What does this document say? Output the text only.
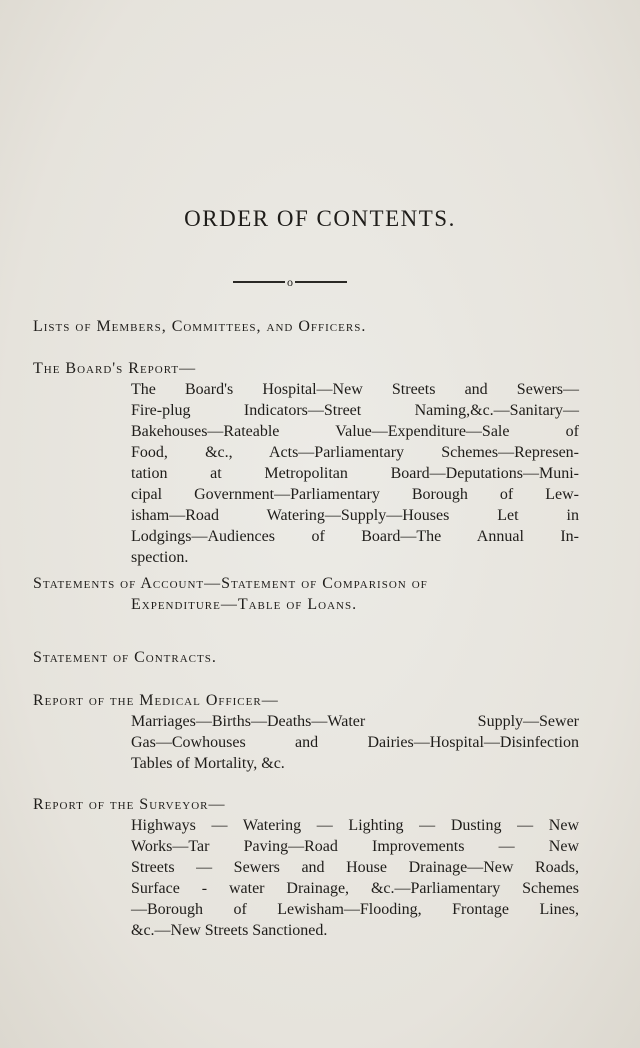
ORDER OF CONTENTS.
o
Lists of Members, Committees, and Officers.
The Board's Report—
The Board's Hospital—New Streets and Sewers—
Fire-plug Indicators—Street Naming,&c.—Sanitary—
Bakehouses—Rateable Value—Expenditure—Sale of
Food, &c., Acts—Parliamentary Schemes—Represen-
tation at Metropolitan Board—Deputations—Muni-
cipal Government—Parliamentary Borough of Lew-
isham—Road Watering—Supply—Houses Let in
Lodgings—Audiences of Board—The Annual In-
spection.
Statements of Account—Statement of Comparison of
Expenditure—Table of Loans.
Statement of Contracts.
Report of the Medical Officer—
Marriages—Births—Deaths—Water Supply—Sewer
Gas—Cowhouses and Dairies—Hospital—Disinfection
Tables of Mortality, &c.
Report of the Surveyor—
Highways — Watering — Lighting — Dusting — New
Works—Tar Paving—Road Improvements — New
Streets — Sewers and House Drainage—New Roads,
Surface - water Drainage, &c.—Parliamentary Schemes
—Borough of Lewisham—Flooding, Frontage Lines,
&c.—New Streets Sanctioned.
